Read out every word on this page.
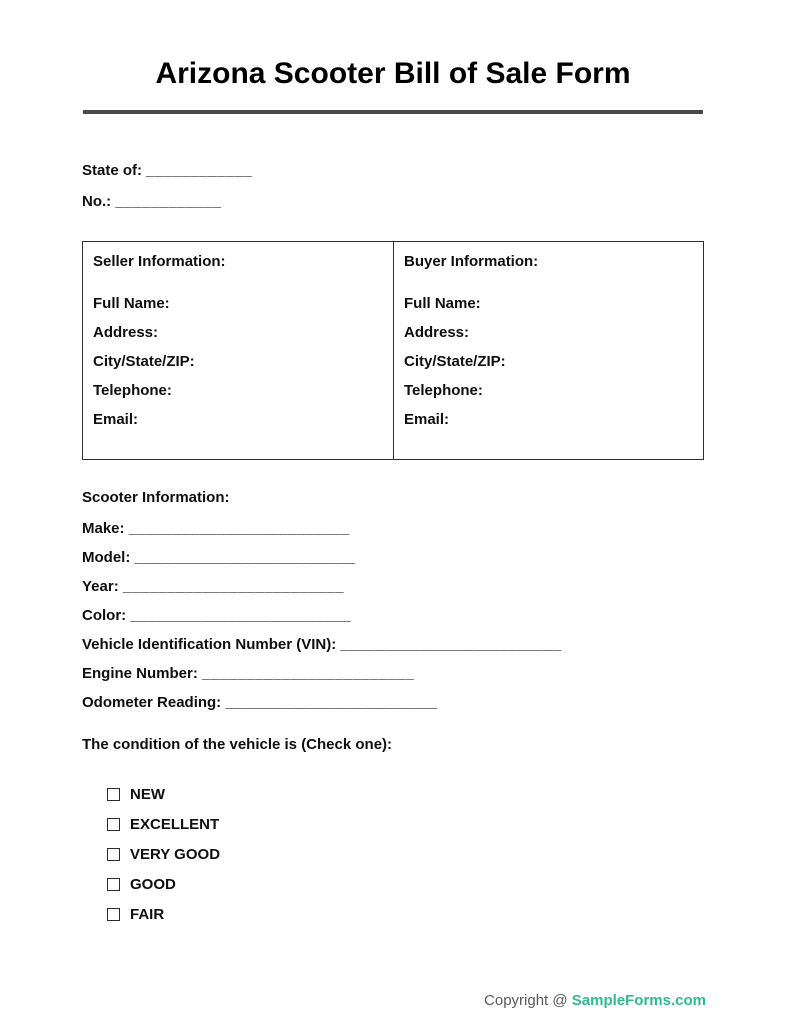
Arizona Scooter Bill of Sale Form
State of: ____________
No.: ____________
Seller Information:
Full Name:
Address:
City/State/ZIP:
Telephone:
Email:
Buyer Information:
Full Name:
Address:
City/State/ZIP:
Telephone:
Email:
Scooter Information:
Make: _________________________
Model: _________________________
Year: _________________________
Color: _________________________
Vehicle Identification Number (VIN): _________________________
Engine Number: ________________________
Odometer Reading: ________________________
The condition of the vehicle is (Check one):
NEW
EXCELLENT
VERY GOOD
GOOD
FAIR
Copyright @ SampleForms.com
